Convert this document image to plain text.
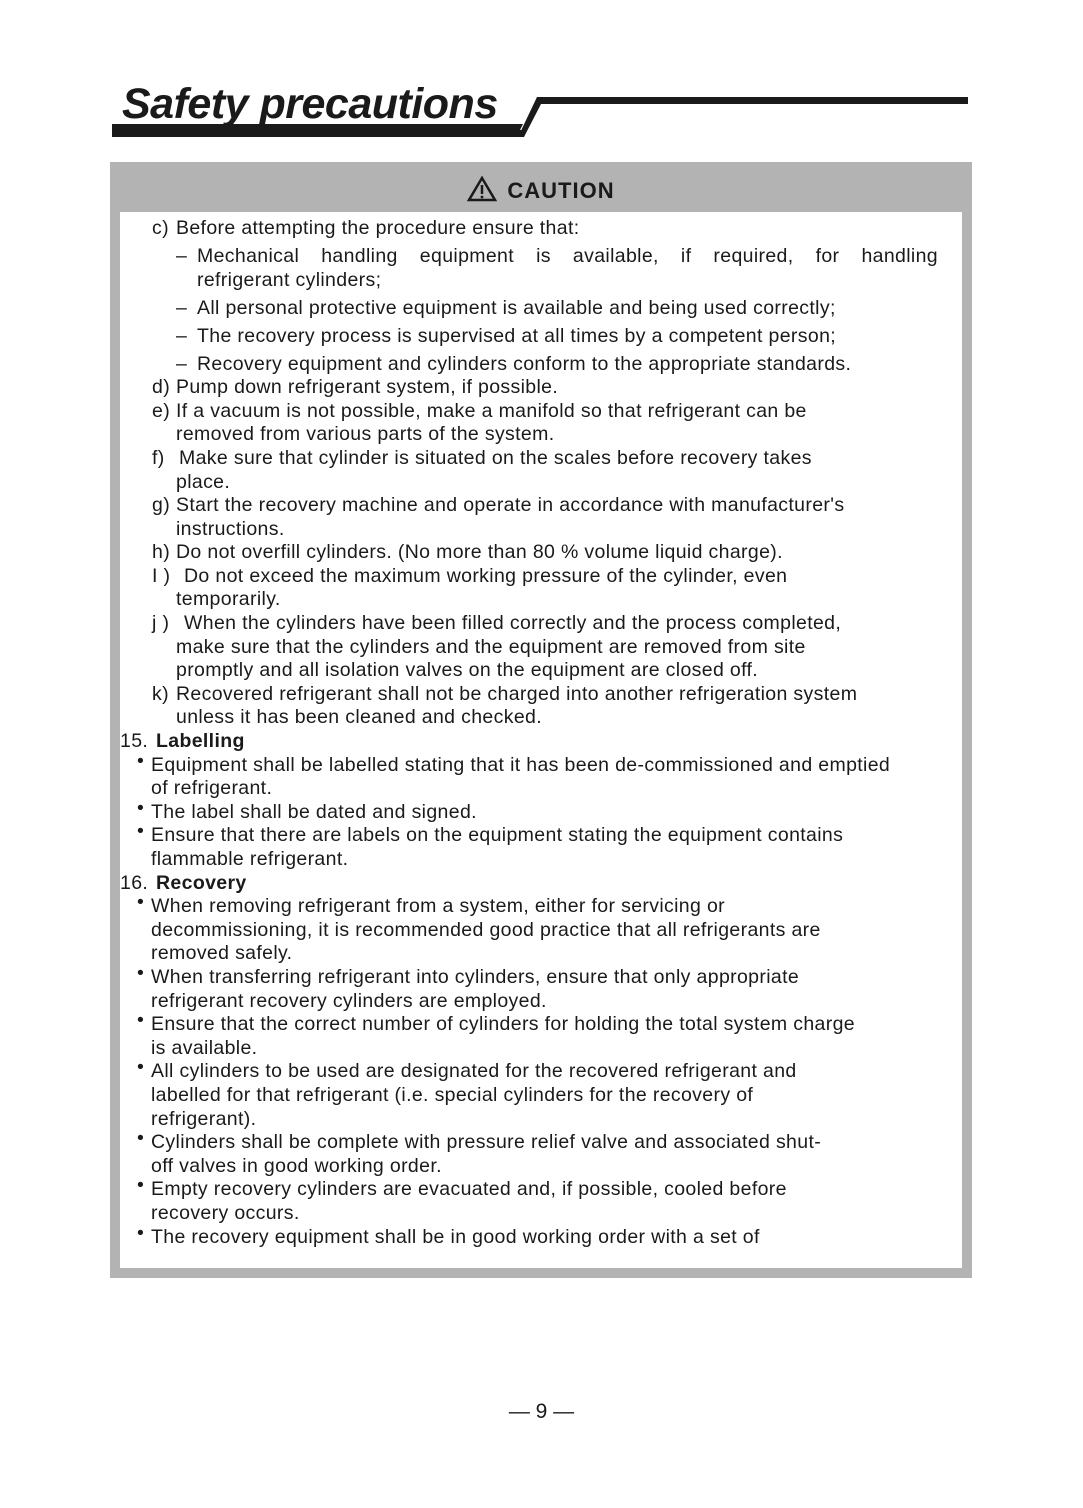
Safety precautions
CAUTION
c) Before attempting the procedure ensure that:
– Mechanical handling equipment is available, if required, for handling
refrigerant cylinders;
– All personal protective equipment is available and being used correctly;
– The recovery process is supervised at all times by a competent person;
– Recovery equipment and cylinders conform to the appropriate standards.
d) Pump down refrigerant system, if possible.
e) If a vacuum is not possible, make a manifold so that refrigerant can be
removed from various parts of the system.
f) Make sure that cylinder is situated on the scales before recovery takes
place.
g) Start the recovery machine and operate in accordance with manufacturer's
instructions.
h) Do not overfill cylinders. (No more than 80 % volume liquid charge).
I ) Do not exceed the maximum working pressure of the cylinder, even
temporarily.
j ) When the cylinders have been filled correctly and the process completed,
make sure that the cylinders and the equipment are removed from site
promptly and all isolation valves on the equipment are closed off.
k) Recovered refrigerant shall not be charged into another refrigeration system
unless it has been cleaned and checked.
15. Labelling
• Equipment shall be labelled stating that it has been de-commissioned and emptied
of refrigerant.
• The label shall be dated and signed.
• Ensure that there are labels on the equipment stating the equipment contains
flammable refrigerant.
16. Recovery
• When removing refrigerant from a system, either for servicing or
decommissioning, it is recommended good practice that all refrigerants are
removed safely.
• When transferring refrigerant into cylinders, ensure that only appropriate
refrigerant recovery cylinders are employed.
• Ensure that the correct number of cylinders for holding the total system charge
is available.
• All cylinders to be used are designated for the recovered refrigerant and
labelled for that refrigerant (i.e. special cylinders for the recovery of
refrigerant).
• Cylinders shall be complete with pressure relief valve and associated shut-
off valves in good working order.
• Empty recovery cylinders are evacuated and, if possible, cooled before
recovery occurs.
• The recovery equipment shall be in good working order with a set of
— 9 —
